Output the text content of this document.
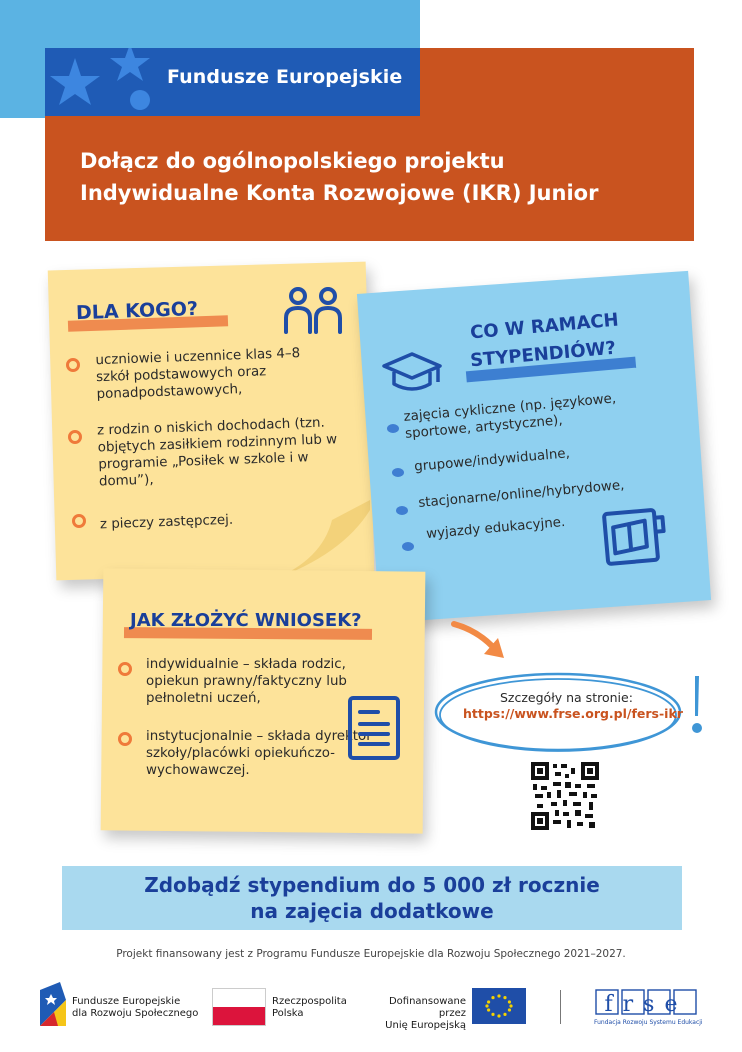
Fundusze Europejskie
Dołącz do ogólnopolskiego projektu
Indywidualne Konta Rozwojowe (IKR) Junior
DLA KOGO?
uczniowie i uczennice klas 4–8 szkół podstawowych oraz ponadpodstawowych,
z rodzin o niskich dochodach (tzn. objętych zasiłkiem rodzinnym lub w programie „Posiłek w szkole i w domu”),
z pieczy zastępczej.
CO W RAMACH
STYPENDIÓW?
zajęcia cykliczne (np. językowe, sportowe, artystyczne),
grupowe/indywidualne,
stacjonarne/online/hybrydowe,
wyjazdy edukacyjne.
JAK ZŁOŻYĆ WNIOSEK?
indywidualnie – składa rodzic, opiekun prawny/faktyczny lub pełnoletni uczeń,
instytucjonalnie – składa dyrektor szkoły/placówki opiekuńczo-wychowawczej.
Szczegóły na stronie:
https://www.frse.org.pl/fers-ikr
Zdobądź stypendium do 5 000 zł rocznie
na zajęcia dodatkowe
Projekt finansowany jest z Programu Fundusze Europejskie dla Rozwoju Społecznego 2021–2027.
Fundusze Europejskie
dla Rozwoju Społecznego
Rzeczpospolita
Polska
Dofinansowane przez
Unię Europejską
frse
Fundacja Rozwoju Systemu Edukacji
